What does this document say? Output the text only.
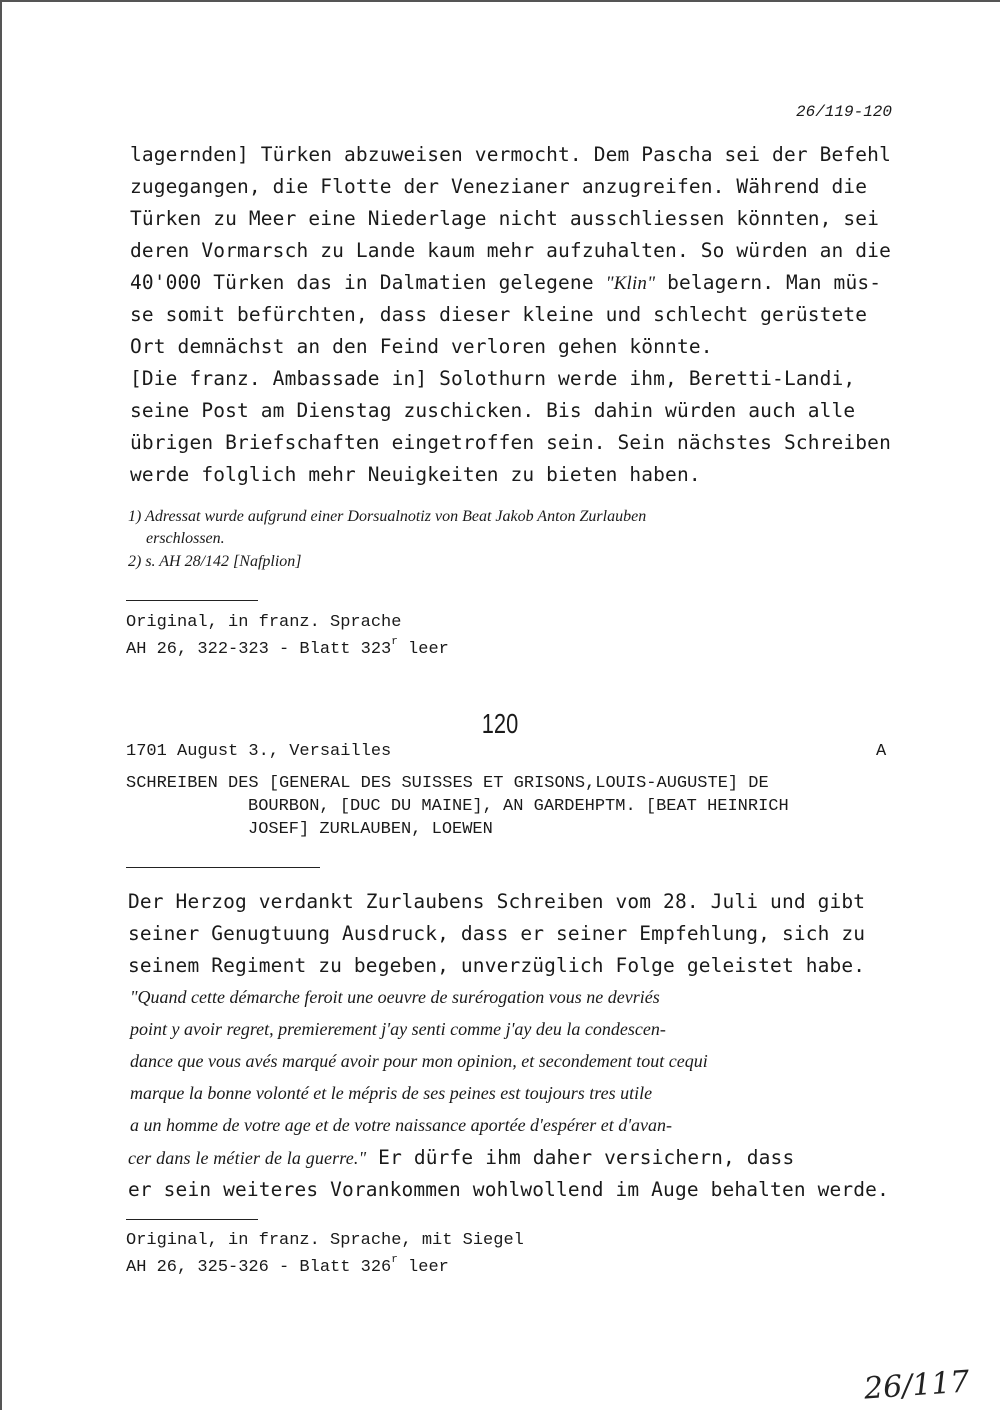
26/119-120
lagernden] Türken abzuweisen vermocht. Dem Pascha sei der Befehl
zugegangen, die Flotte der Venezianer anzugreifen. Während die
Türken zu Meer eine Niederlage nicht ausschliessen könnten, sei
deren Vormarsch zu Lande kaum mehr aufzuhalten. So würden an die
40'000 Türken das in Dalmatien gelegene "Klin" belagern. Man müs-
se somit befürchten, dass dieser kleine und schlecht gerüstete
Ort demnächst an den Feind verloren gehen könnte.
[Die franz. Ambassade in] Solothurn werde ihm, Beretti-Landi,
seine Post am Dienstag zuschicken. Bis dahin würden auch alle
übrigen Briefschaften eingetroffen sein. Sein nächstes Schreiben
werde folglich mehr Neuigkeiten zu bieten haben.
1) Adressat wurde aufgrund einer Dorsualnotiz von Beat Jakob Anton Zurlauben
erschlossen.
2) s. AH 28/142 [Nafplion]
Original, in franz. Sprache
AH 26, 322-323 - Blatt 323$^r$ leer
120
1701 August 3., Versailles	A
SCHREIBEN DES [GENERAL DES SUISSES ET GRISONS,LOUIS-AUGUSTE] DE
BOURBON, [DUC DU MAINE], AN GARDEHPTM. [BEAT HEINRICH
JOSEF] ZURLAUBEN, LOEWEN
Der Herzog verdankt Zurlaubens Schreiben vom 28. Juli und gibt
seiner Genugtuung Ausdruck, dass er seiner Empfehlung, sich zu
seinem Regiment zu begeben, unverzüglich Folge geleistet habe.
"Quand cette démarche feroit une oeuvre de surérogation vous ne devriés
point y avoir regret, premierement j'ay senti comme j'ay deu la condescen-
dance que vous avés marqué avoir pour mon opinion, et secondement tout cequi
marque la bonne volonté et le mépris de ses peines est toujours tres utile
a un homme de votre age et de votre naissance aportée d'espérer et d'avan-
cer dans le métier de la guerre." Er dürfe ihm daher versichern, dass
er sein weiteres Vorankommen wohlwollend im Auge behalten werde.
Original, in franz. Sprache, mit Siegel
AH 26, 325-326 - Blatt 326$^r$ leer
26/117
